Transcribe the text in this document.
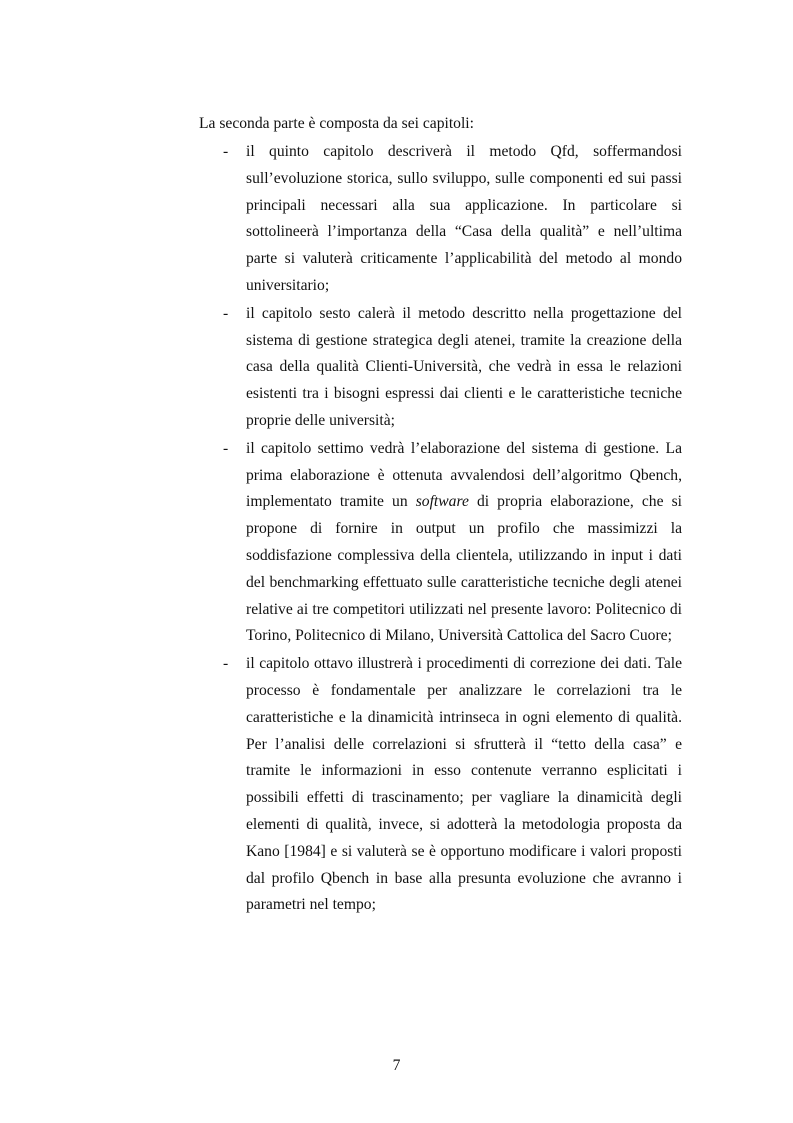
La seconda parte è composta da sei capitoli:

- il quinto capitolo descriverà il metodo Qfd, soffermandosi sull’evoluzione storica, sullo sviluppo, sulle componenti ed sui passi principali necessari alla sua applicazione. In particolare si sottolineerà l’importanza della “Casa della qualità” e nell’ultima parte si valuterà criticamente l’applicabilità del metodo al mondo universitario;
- il capitolo sesto calerà il metodo descritto nella progettazione del sistema di gestione strategica degli atenei, tramite la creazione della casa della qualità Clienti-Università, che vedrà in essa le relazioni esistenti tra i bisogni espressi dai clienti e le caratteristiche tecniche proprie delle università;
- il capitolo settimo vedrà l’elaborazione del sistema di gestione. La prima elaborazione è ottenuta avvalendosi dell’algoritmo Qbench, implementato tramite un software di propria elaborazione, che si propone di fornire in output un profilo che massimizzi la soddisfazione complessiva della clientela, utilizzando in input i dati del benchmarking effettuato sulle caratteristiche tecniche degli atenei relative ai tre competitori utilizzati nel presente lavoro: Politecnico di Torino, Politecnico di Milano, Università Cattolica del Sacro Cuore;
- il capitolo ottavo illustrerà i procedimenti di correzione dei dati. Tale processo è fondamentale per analizzare le correlazioni tra le caratteristiche e la dinamicità intrinseca in ogni elemento di qualità. Per l’analisi delle correlazioni si sfrutterà il “tetto della casa” e tramite le informazioni in esso contenute verranno esplicitati i possibili effetti di trascinamento; per vagliare la dinamicità degli elementi di qualità, invece, si adotterà la metodologia proposta da Kano [1984] e si valuterà se è opportuno modificare i valori proposti dal profilo Qbench in base alla presunta evoluzione che avranno i parametri nel tempo;
7
